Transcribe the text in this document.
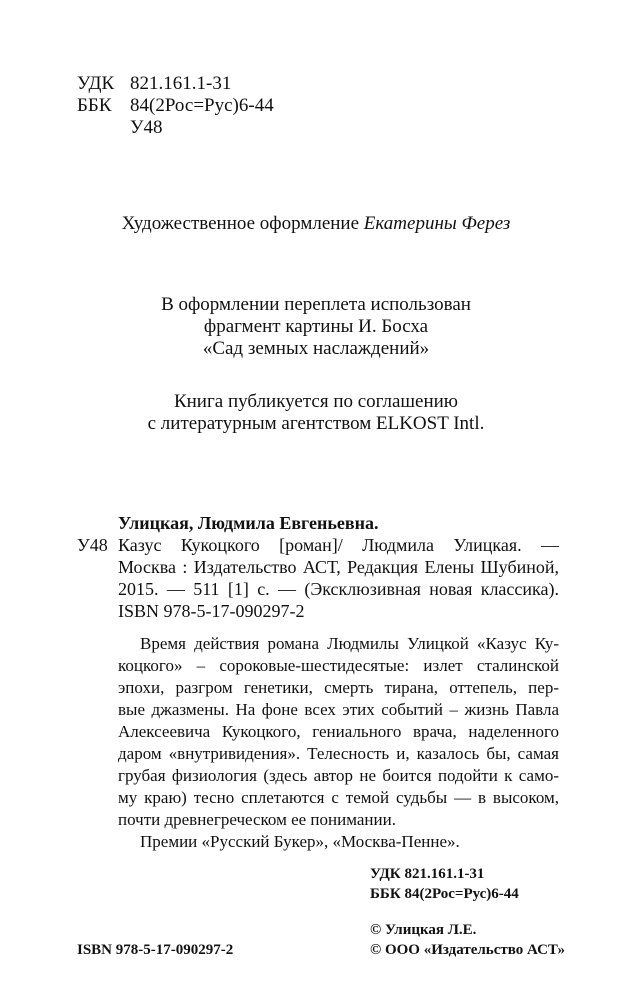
УДК 821.161.1-31
ББК 84(2Рос=Рус)6-44
У48
Художественное оформление Екатерины Ферез
В оформлении переплета использован
фрагмент картины И. Босха
«Сад земных наслаждений»
Книга публикуется по соглашению
с литературным агентством ELKOST Intl.
Улицкая, Людмила Евгеньевна.
У48 Казус Кукоцкого [роман]/ Людмила Улицкая. —
Москва : Издательство АСТ, Редакция Елены Шубиной,
2015. — 511 [1] с. — (Эксклюзивная новая классика).
ISBN 978-5-17-090297-2
Время действия романа Людмилы Улицкой «Казус Ку-
коцкого» – сороковые-шестидесятые: излет сталинской
эпохи, разгром генетики, смерть тирана, оттепель, пер-
вые джазмены. На фоне всех этих событий – жизнь Павла
Алексеевича Кукоцкого, гениального врача, наделенного
даром «внутривидения». Телесность и, казалось бы, самая
грубая физиология (здесь автор не боится подойти к само-
му краю) тесно сплетаются с темой судьбы — в высоком,
почти древнегреческом ее понимании.
Премии «Русский Букер», «Москва-Пенне».
УДК 821.161.1-31
ББК 84(2Рос=Рус)6-44
© Улицкая Л.Е.
ISBN 978-5-17-090297-2	© ООО «Издательство АСТ»
